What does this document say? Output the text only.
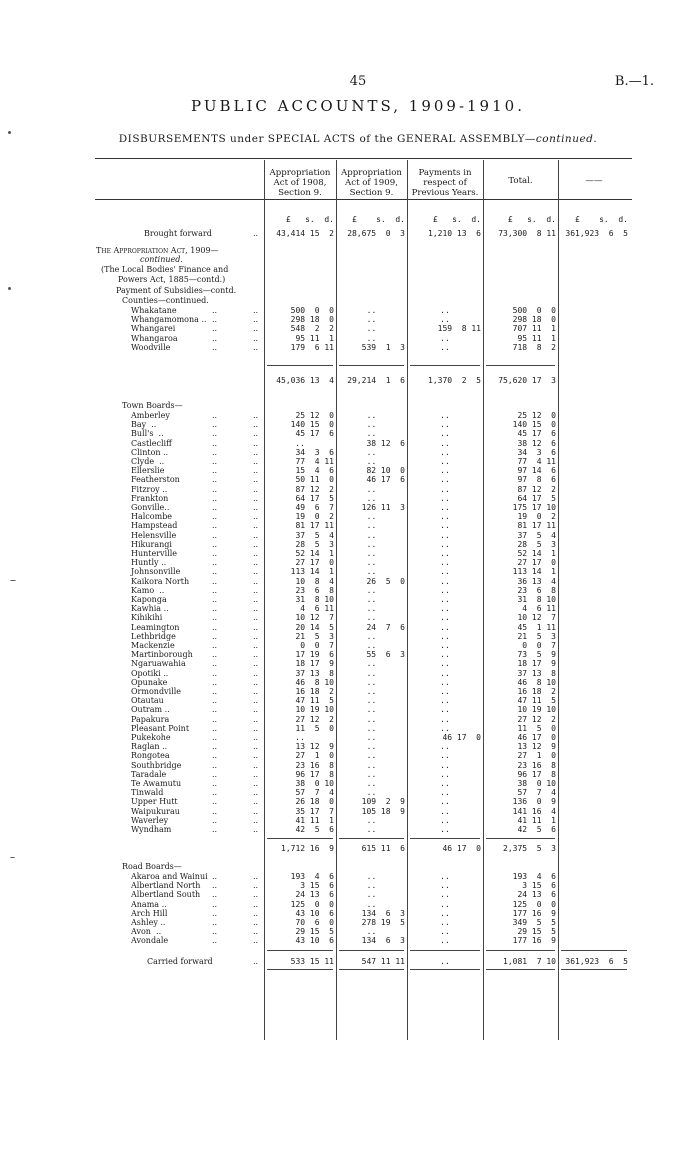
45	B.—1.
PUBLIC ACCOUNTS, 1909-1910.
DISBURSEMENTS under SPECIAL ACTS of the GENERAL ASSEMBLY—continued.
Appropriation
Act of 1908,
Section 9.
Appropriation
Act of 1909,
Section 9.
Payments in
respect of
Previous Years.
Total.	——
£   s.  d.	£    s.  d.	£   s.  d.	£   s.  d.	£    s.  d.
Brought forward	..	43,414 15  2	28,675  0  3	1,210 13  6	73,300  8 11	361,923  6  5
The Appropriation Act, 1909—
continued.
(The Local Bodies' Finance and
Powers Act, 1885—contd.)
Payment of Subsidies—contd.
Counties—continued.
Whakatane	..	..	500  0  0	..	..	500  0  0
Whangamomona .. ..	..	298 18  0	..	..	298 18  0
Whangarei	..	..	548  2  2	..	159  8 11	707 11  1
Whangaroa	..	..	95 11  1	..	..	95 11  1
Woodville	..	..	179  6 11	539  1  3	..	718  8  2
45,036 13  4	29,214  1  6	1,370  2  5	75,620 17  3
Town Boards—
Amberley	..	..	25 12  0	..	..	25 12  0
Bay  ..	..	..	140 15  0	..	..	140 15  0
Bull's  ..	..	..	45 17  6	..	..	45 17  6
Castlecliff	..	..	..	38 12  6	..	38 12  6
Clinton ..	..	..	34  3  6	..	..	34  3  6
Clyde  ..	..	..	77  4 11	..	..	77  4 11
Ellerslie	..	..	15  4  6	82 10  0	..	97 14  6
Featherston	..	..	50 11  0	46 17  6	..	97  8  6
Fitzroy ..	..	..	87 12  2	..	..	87 12  2
Frankton	..	..	64 17  5	..	..	64 17  5
Gonville..	..	..	49  6  7	126 11  3	..	175 17 10
Halcombe	..	..	19  0  2	..	..	19  0  2
Hampstead	..	..	81 17 11	..	..	81 17 11
Helensville	..	..	37  5  4	..	..	37  5  4
Hikurangi	..	..	28  5  3	..	..	28  5  3
Hunterville	..	..	52 14  1	..	..	52 14  1
Huntly ..	..	..	27 17  0	..	..	27 17  0
Johnsonville	..	..	113 14  1	..	..	113 14  1
Kaikora North	..	..	10  8  4	26  5  0	..	36 13  4
Kamo  ..	..	..	23  6  8	..	..	23  6  8
Kaponga	..	..	31  8 10	..	..	31  8 10
Kawhia ..	..	..	4  6 11	..	..	4  6 11
Kihikihi	..	..	10 12  7	..	..	10 12  7
Leamington	..	..	20 14  5	24  7  6	..	45  1 11
Lethbridge	..	..	21  5  3	..	..	21  5  3
Mackenzie	..	..	0  0  7	..	..	0  0  7
Martinborough ..	..	17 19  6	55  6  3	..	73  5  9
Ngaruawahia	..	..	18 17  9	..	..	18 17  9
Opotiki ..	..	..	37 13  8	..	..	37 13  8
Opunake	..	..	46  8 10	..	..	46  8 10
Ormondville	..	..	16 18  2	..	..	16 18  2
Otautau	..	..	47 11  5	..	..	47 11  5
Outram ..	..	..	10 19 10	..	..	10 19 10
Papakura	..	..	27 12  2	..	..	27 12  2
Pleasant Point	..	..	11  5  0	..	..	11  5  0
Pukekohe	..	..	..	..	46 17  0	46 17  0
Raglan ..	..	..	13 12  9	..	..	13 12  9
Rongotea	..	..	27  1  0	..	..	27  1  0
Southbridge	..	..	23 16  8	..	..	23 16  8
Taradale	..	..	96 17  8	..	..	96 17  8
Te Awamutu	..	..	38  0 10	..	..	38  0 10
Tinwald	..	..	57  7  4	..	..	57  7  4
Upper Hutt	..	..	26 18  0	109  2  9	..	136  0  9
Waipukurau	..	..	35 17  7	105 18  9	..	141 16  4
Waverley	..	..	41 11  1	..	..	41 11  1
Wyndham	..	..	42  5  6	..	..	42  5  6
1,712 16  9	615 11  6	46 17  0	2,375  5  3
Road Boards—
Akaroa and Wainui ..	..	193  4  6	..	..	193  4  6
Albertland North ..	..	3 15  6	..	..	3 15  6
Albertland South ..	..	24 13  6	..	..	24 13  6
Anama ..	..	..	125  0  0	..	..	125  0  0
Arch Hill	..	..	43 10  6	134  6  3	..	177 16  9
Ashley ..	..	..	70  6  0	278 19  5	..	349  5  5
Avon  ..	..	..	29 15  5	..	..	29 15  5
Avondale	..	..	43 10  6	134  6  3	..	177 16  9
Carried forward	..	533 15 11	547 11 11	..	1,081  7 10	361,923  6  5
